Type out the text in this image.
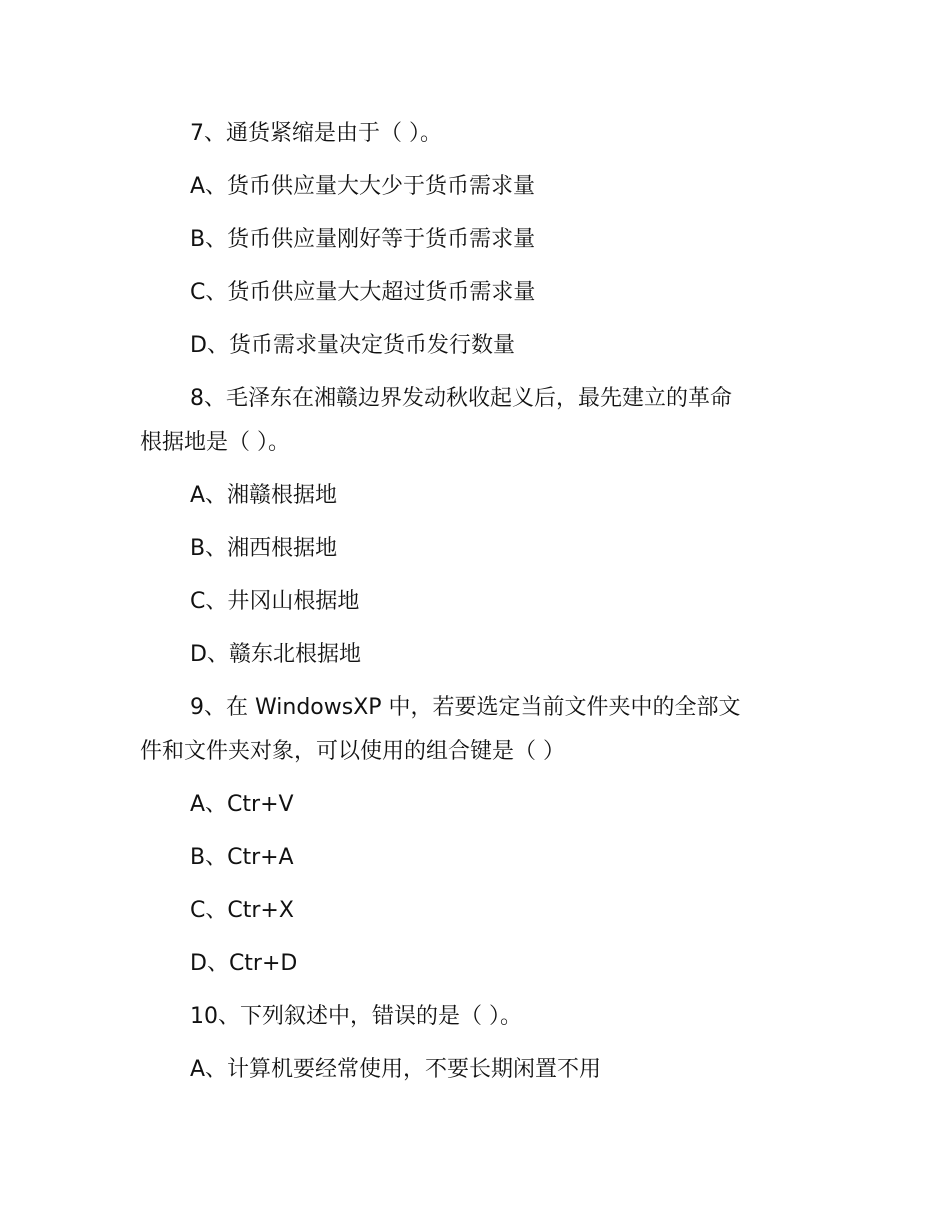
7、通货紧缩是由于（ ）。
A、货币供应量大大少于货币需求量
B、货币供应量刚好等于货币需求量
C、货币供应量大大超过货币需求量
D、货币需求量决定货币发行数量
8、毛泽东在湘赣边界发动秋收起义后，最先建立的革命
根据地是（ ）。
A、湘赣根据地
B、湘西根据地
C、井冈山根据地
D、赣东北根据地
9、在 WindowsXP 中，若要选定当前文件夹中的全部文
件和文件夹对象，可以使用的组合键是（ ）
A、Ctr+V
B、Ctr+A
C、Ctr+X
D、Ctr+D
10、下列叙述中，错误的是（ ）。
A、计算机要经常使用，不要长期闲置不用
